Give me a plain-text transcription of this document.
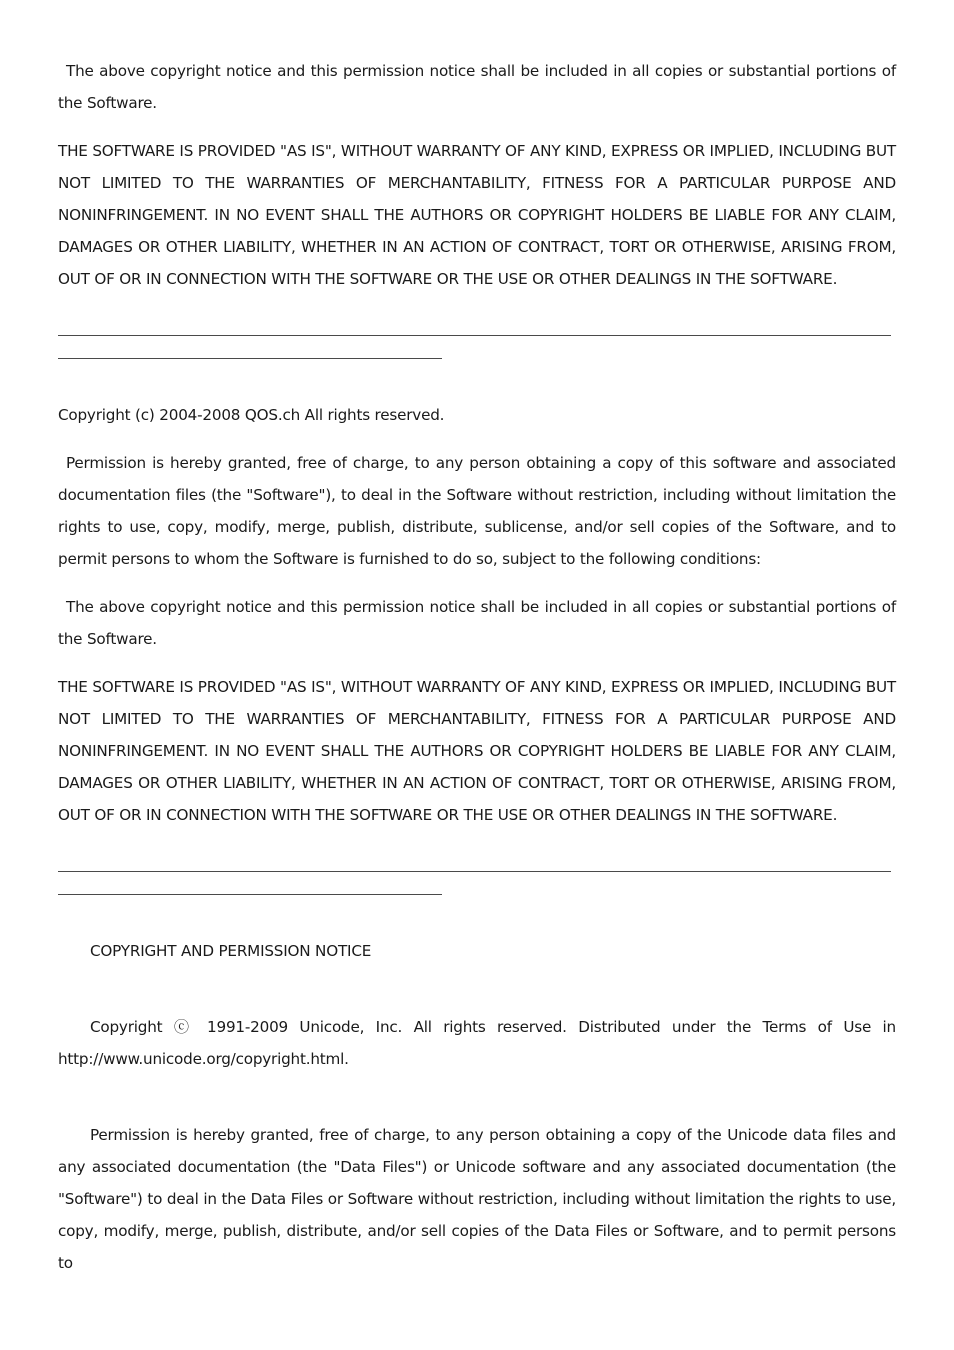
The above copyright notice and this permission notice shall be included in all copies or substantial portions of the Software.

THE SOFTWARE IS PROVIDED "AS IS", WITHOUT WARRANTY OF ANY KIND, EXPRESS OR IMPLIED, INCLUDING BUT NOT LIMITED TO THE WARRANTIES OF MERCHANTABILITY, FITNESS FOR A PARTICULAR PURPOSE AND NONINFRINGEMENT. IN NO EVENT SHALL THE AUTHORS OR COPYRIGHT HOLDERS BE LIABLE FOR ANY CLAIM, DAMAGES OR OTHER LIABILITY, WHETHER IN AN ACTION OF CONTRACT, TORT OR OTHERWISE, ARISING FROM, OUT OF OR IN CONNECTION WITH THE SOFTWARE OR THE USE OR OTHER DEALINGS IN THE SOFTWARE.

Copyright (c) 2004-2008 QOS.ch All rights reserved.

Permission is hereby granted, free of charge, to any person obtaining a copy of this software and associated documentation files (the "Software"), to deal in the Software without restriction, including without limitation the rights to use, copy, modify, merge, publish, distribute, sublicense, and/or sell copies of the Software, and to permit persons to whom the Software is furnished to do so, subject to the following conditions:

The above copyright notice and this permission notice shall be included in all copies or substantial portions of the Software.

THE SOFTWARE IS PROVIDED "AS IS", WITHOUT WARRANTY OF ANY KIND, EXPRESS OR IMPLIED, INCLUDING BUT NOT LIMITED TO THE WARRANTIES OF MERCHANTABILITY, FITNESS FOR A PARTICULAR PURPOSE AND NONINFRINGEMENT. IN NO EVENT SHALL THE AUTHORS OR COPYRIGHT HOLDERS BE LIABLE FOR ANY CLAIM, DAMAGES OR OTHER LIABILITY, WHETHER IN AN ACTION OF CONTRACT, TORT OR OTHERWISE, ARISING FROM, OUT OF OR IN CONNECTION WITH THE SOFTWARE OR THE USE OR OTHER DEALINGS IN THE SOFTWARE.

COPYRIGHT AND PERMISSION NOTICE

Copyright ⓒ 1991-2009 Unicode, Inc. All rights reserved. Distributed under the Terms of Use in http://www.unicode.org/copyright.html.

Permission is hereby granted, free of charge, to any person obtaining a copy of the Unicode data files and any associated documentation (the "Data Files") or Unicode software and any associated documentation (the "Software") to deal in the Data Files or Software without restriction, including without limitation the rights to use, copy, modify, merge, publish, distribute, and/or sell copies of the Data Files or Software, and to permit persons to
